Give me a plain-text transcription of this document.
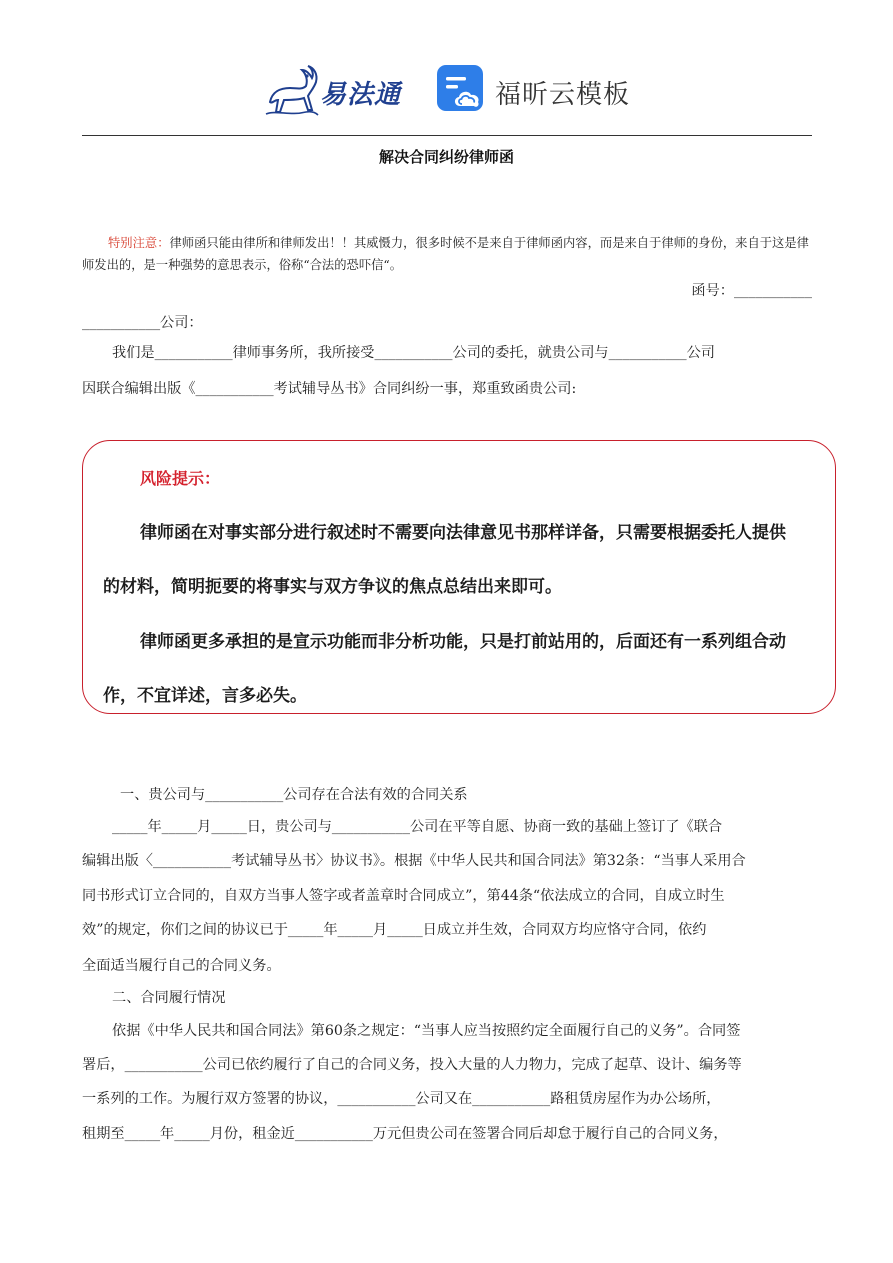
易法通	福昕云模板
解决合同纠纷律师函
特别注意：律师函只能由律所和律师发出！！其威慑力，很多时候不是来自于律师函内容，而是来自于律师的身份，来自于这是律师发出的，是一种强势的意思表示，俗称“合法的恐吓信“。
函号：___________
___________公司：
我们是___________律师事务所，我所接受___________公司的委托，就贵公司与___________公司
因联合编辑出版《___________考试辅导丛书》合同纠纷一事，郑重致函贵公司:
风险提示：
律师函在对事实部分进行叙述时不需要向法律意见书那样详备，只需要根据委托人提供
的材料，简明扼要的将事实与双方争议的焦点总结出来即可。
律师函更多承担的是宣示功能而非分析功能，只是打前站用的，后面还有一系列组合动
作，不宜详述，言多必失。
一、贵公司与___________公司存在合法有效的合同关系
_____年_____月_____日，贵公司与___________公司在平等自愿、协商一致的基础上签订了《联合
编辑出版〈___________考试辅导丛书〉协议书》。根据《中华人民共和国合同法》第32条：“当事人采用合
同书形式订立合同的，自双方当事人签字或者盖章时合同成立”，第44条“依法成立的合同，自成立时生
效”的规定，你们之间的协议已于_____年_____月_____日成立并生效，合同双方均应恪守合同，依约
全面适当履行自己的合同义务。
二、合同履行情况
依据《中华人民共和国合同法》第60条之规定：“当事人应当按照约定全面履行自己的义务”。合同签
署后，___________公司已依约履行了自己的合同义务，投入大量的人力物力，完成了起草、设计、编务等
一系列的工作。为履行双方签署的协议，___________公司又在___________路租赁房屋作为办公场所，
租期至_____年_____月份，租金近___________万元但贵公司在签署合同后却怠于履行自己的合同义务，
